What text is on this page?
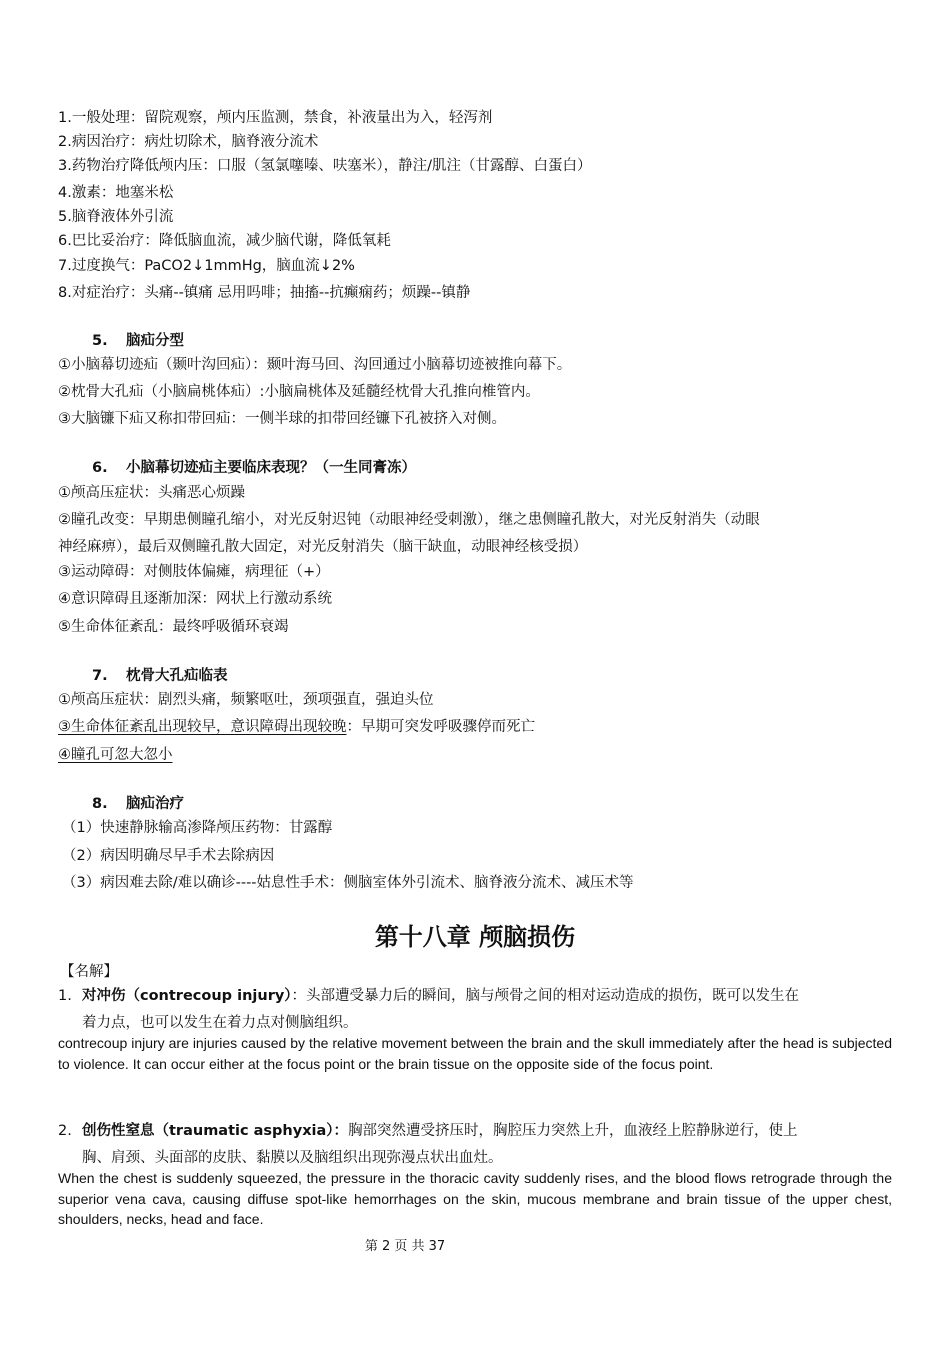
1.一般处理：留院观察，颅内压监测，禁食，补液量出为入，轻泻剂
2.病因治疗：病灶切除术，脑脊液分流术
3.药物治疗降低颅内压：口服（氢氯噻嗪、呋塞米），静注/肌注（甘露醇、白蛋白）
4.激素：地塞米松
5.脑脊液体外引流
6.巴比妥治疗：降低脑血流，减少脑代谢，降低氧耗
7.过度换气：PaCO2↓1mmHg，脑血流↓2%
8.对症治疗：头痛--镇痛 忌用吗啡；抽搐--抗癫痫药；烦躁--镇静
5. 脑疝分型
①小脑幕切迹疝（颞叶沟回疝）：颞叶海马回、沟回通过小脑幕切迹被推向幕下。
②枕骨大孔疝（小脑扁桃体疝）:小脑扁桃体及延髓经枕骨大孔推向椎管内。
③大脑镰下疝又称扣带回疝：一侧半球的扣带回经镰下孔被挤入对侧。
6. 小脑幕切迹疝主要临床表现？（一生同膏冻）
①颅高压症状：头痛恶心烦躁
②瞳孔改变：早期患侧瞳孔缩小，对光反射迟钝（动眼神经受刺激），继之患侧瞳孔散大，对光反射消失（动眼
神经麻痹），最后双侧瞳孔散大固定，对光反射消失（脑干缺血，动眼神经核受损）
③运动障碍：对侧肢体偏瘫，病理征（+）
④意识障碍且逐渐加深：网状上行激动系统
⑤生命体征紊乱：最终呼吸循环衰竭
7. 枕骨大孔疝临表
①颅高压症状：剧烈头痛，频繁呕吐，颈项强直，强迫头位
③生命体征紊乱出现较早，意识障碍出现较晚：早期可突发呼吸骤停而死亡
④瞳孔可忽大忽小
8. 脑疝治疗
（1）快速静脉输高渗降颅压药物：甘露醇
（2）病因明确尽早手术去除病因
（3）病因难去除/难以确诊----姑息性手术：侧脑室体外引流术、脑脊液分流术、减压术等
第十八章 颅脑损伤
【名解】
1. 对冲伤（contrecoup injury）：头部遭受暴力后的瞬间，脑与颅骨之间的相对运动造成的损伤，既可以发生在
着力点，也可以发生在着力点对侧脑组织。
contrecoup injury are injuries caused by the relative movement between the brain and the skull immediately after the head is subjected to violence. It can occur either at the focus point or the brain tissue on the opposite side of the focus point.
2. 创伤性窒息（traumatic asphyxia）：胸部突然遭受挤压时，胸腔压力突然上升，血液经上腔静脉逆行，使上
胸、肩颈、头面部的皮肤、黏膜以及脑组织出现弥漫点状出血灶。
When the chest is suddenly squeezed, the pressure in the thoracic cavity suddenly rises, and the blood flows retrograde through the superior vena cava, causing diffuse spot-like hemorrhages on the skin, mucous membrane and brain tissue of the upper chest, shoulders, necks, head and face.
第 2 页 共 37
